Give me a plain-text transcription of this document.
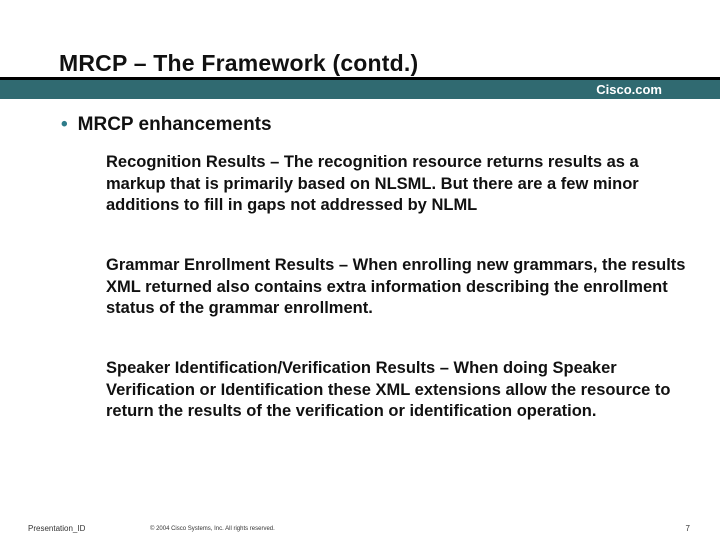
MRCP – The Framework (contd.)
Cisco.com
• MRCP enhancements
Recognition Results – The recognition resource returns results as a markup that is primarily based on NLSML. But there are a few minor additions to fill in gaps not addressed by NLML
Grammar Enrollment Results – When enrolling new grammars, the results XML returned also contains extra information describing the enrollment status of the grammar enrollment.
Speaker Identification/Verification Results – When doing Speaker Verification or Identification these XML extensions allow the resource to return the results of the verification or identification operation.
Presentation_ID	© 2004 Cisco Systems, Inc. All rights reserved.	7
